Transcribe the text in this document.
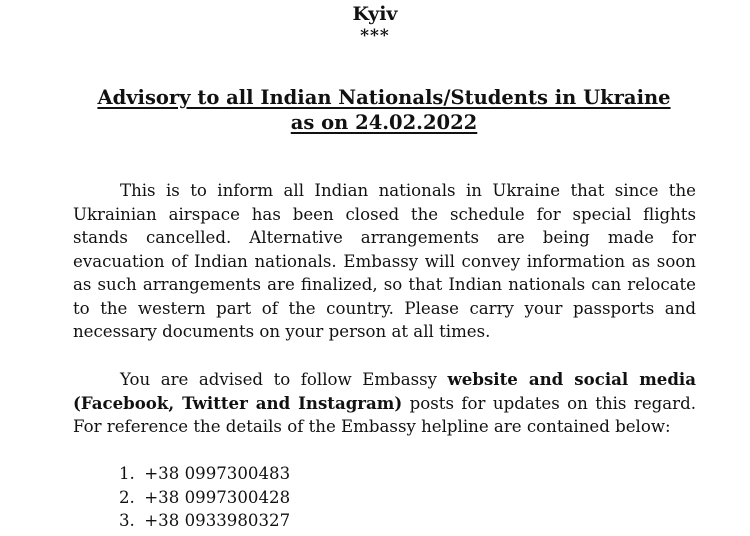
Kyiv
***
Advisory to all Indian Nationals/Students in Ukraine
as on 24.02.2022
This is to inform all Indian nationals in Ukraine that since the
Ukrainian airspace has been closed the schedule for special flights
stands cancelled. Alternative arrangements are being made for
evacuation of Indian nationals. Embassy will convey information as soon
as such arrangements are finalized, so that Indian nationals can relocate
to the western part of the country. Please carry your passports and
necessary documents on your person at all times.
You are advised to follow Embassy website and social media
(Facebook, Twitter and Instagram) posts for updates on this regard.
For reference the details of the Embassy helpline are contained below:
1. +38 0997300483
2. +38 0997300428
3. +38 0933980327
